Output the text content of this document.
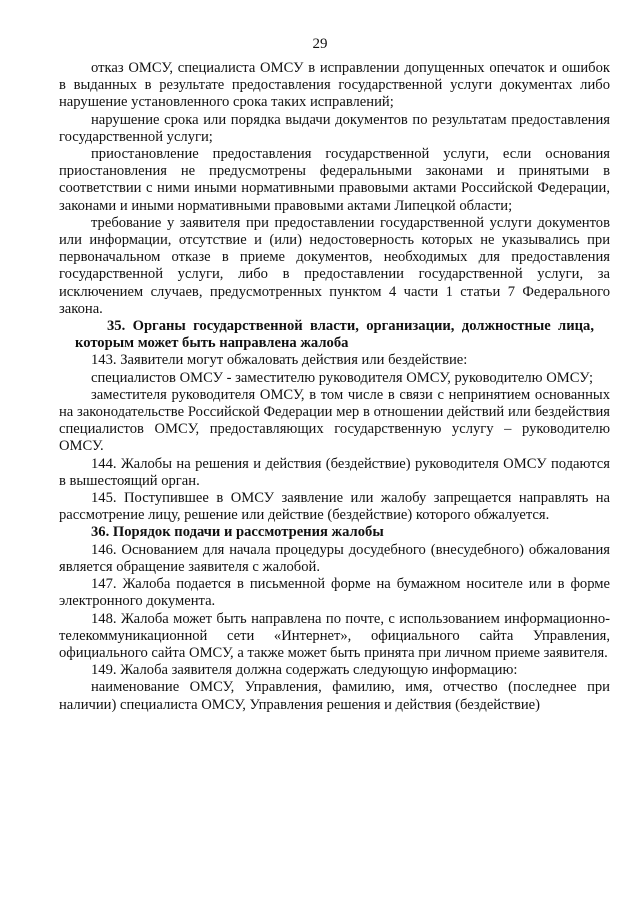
29

отказ ОМСУ, специалиста ОМСУ в исправлении допущенных опечаток и ошибок в выданных в результате предоставления государственной услуги документах либо нарушение установленного срока таких исправлений;

нарушение срока или порядка выдачи документов по результатам предоставления государственной услуги;

приостановление предоставления государственной услуги, если основания приостановления не предусмотрены федеральными законами и принятыми в соответствии с ними иными нормативными правовыми актами Российской Федерации, законами и иными нормативными правовыми актами Липецкой области;

требование у заявителя при предоставлении государственной услуги документов или информации, отсутствие и (или) недостоверность которых не указывались при первоначальном отказе в приеме документов, необходимых для предоставления государственной услуги, либо в предоставлении государственной услуги, за исключением случаев, предусмотренных пунктом 4 части 1 статьи 7 Федерального закона.

35. Органы государственной власти, организации, должностные лица, которым может быть направлена жалоба

143. Заявители могут обжаловать действия или бездействие:

специалистов ОМСУ - заместителю руководителя ОМСУ, руководителю ОМСУ;

заместителя руководителя ОМСУ, в том числе в связи с непринятием основанных на законодательстве Российской Федерации мер в отношении действий или бездействия специалистов ОМСУ, предоставляющих государственную услугу – руководителю ОМСУ.

144. Жалобы на решения и действия (бездействие) руководителя ОМСУ подаются в вышестоящий орган.

145. Поступившее в ОМСУ заявление или жалобу запрещается направлять на рассмотрение лицу, решение или действие (бездействие) которого обжалуется.

36. Порядок подачи и рассмотрения жалобы

146. Основанием для начала процедуры досудебного (внесудебного) обжалования является обращение заявителя с жалобой.

147. Жалоба подается в письменной форме на бумажном носителе или в форме электронного документа.

148. Жалоба может быть направлена по почте, с использованием информационно-телекоммуникационной сети «Интернет», официального сайта Управления, официального сайта ОМСУ, а также может быть принята при личном приеме заявителя.

149. Жалоба заявителя должна содержать следующую информацию:

наименование ОМСУ, Управления, фамилию, имя, отчество (последнее при наличии) специалиста ОМСУ, Управления решения и действия (бездействие)
